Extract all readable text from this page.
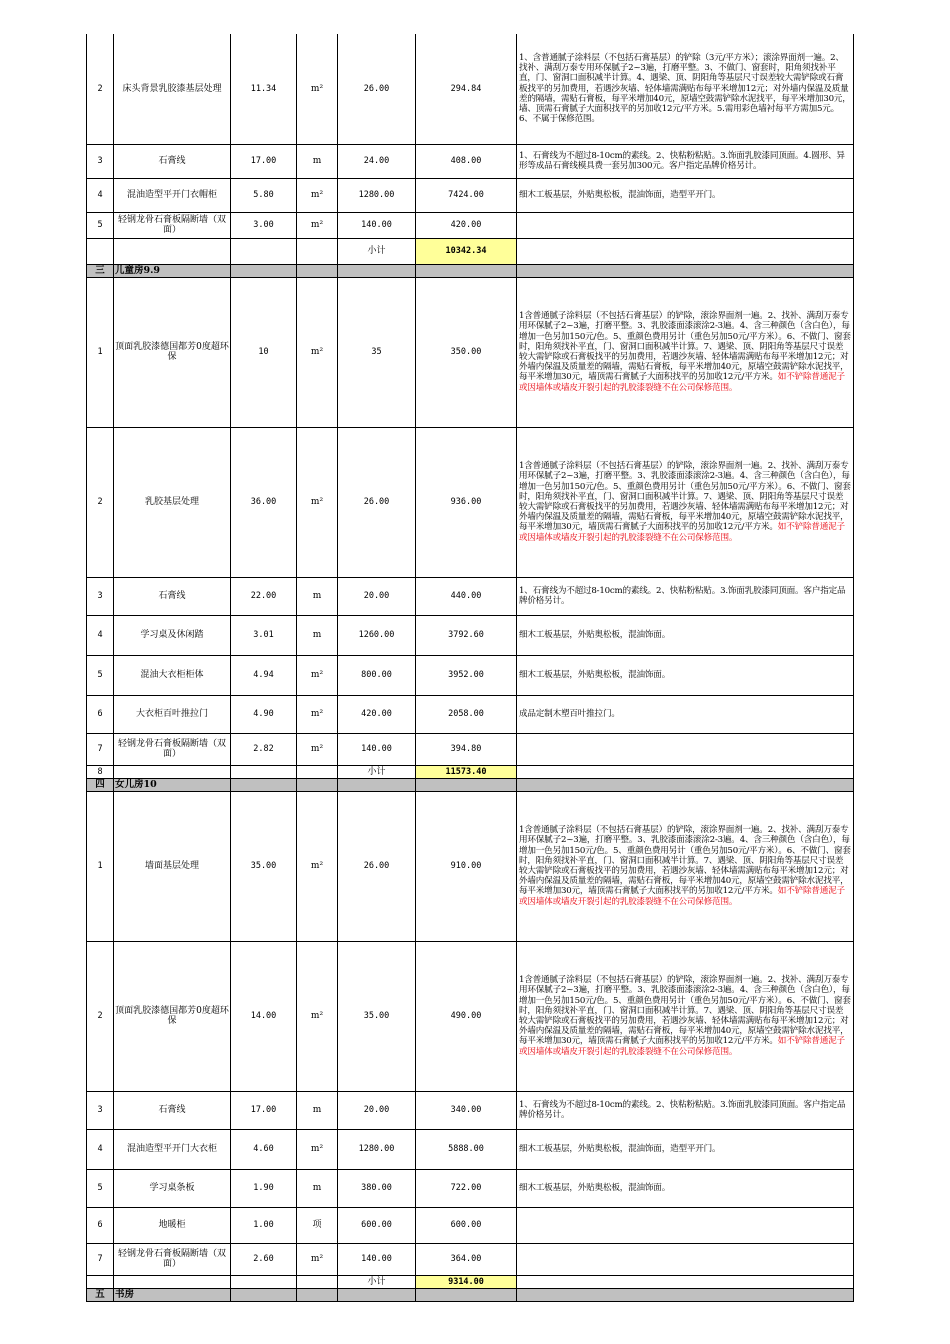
2	床头背景乳胶漆基层处理	11.34	m²	26.00	294.84	1、含普通腻子涂料层（不包括石膏基层）的铲除（3元/平方米）；滚涂界面剂一遍。2、找补、满刮万泰专用环保腻子2~3遍，打磨平整。3、不做门、窗套时，阳角须找补平直，门、窗洞口面积减半计算。4、遇梁、顶、阴阳角等基层尺寸误差较大需铲除或石膏板找平的另加费用，若遇沙灰墙、轻体墙需满贴布每平米增加12元；对外墙内保温及质量差的隔墙，需贴石膏板，每平米增加40元，原墙空鼓需铲除水泥找平，每平米增加30元，墙、顶需石膏腻子大面积找平的另加收12元/平方米。5.需用彩色墙衬每平方需加5元。6、不属于保修范围。
3	石膏线	17.00	m	24.00	408.00	1、石膏线为不超过8-10cm的素线。2、快粘粉粘贴。3.饰面乳胶漆同顶面。4.圆形、异形等成品石膏线模具费一套另加300元。客户指定品牌价格另计。
4	混油造型平开门衣帽柜	5.80	m²	1280.00	7424.00	细木工板基层，外贴奥松板，混油饰面，造型平开门。
5	轻钢龙骨石膏板隔断墙（双面）	3.00	m²	140.00	420.00	
				小计	10342.34	
三	儿童房9.9					
1	顶面乳胶漆德国都芳0度超环保	10	m²	35	350.00	1含普通腻子涂料层（不包括石膏基层）的铲除，滚涂界面剂一遍。2、找补、满刮万泰专用环保腻子2~3遍，打磨平整。3、乳胶漆面漆滚涂2-3遍。4、含三种颜色（含白色），每增加一色另加150元/色。5、重颜色费用另计（重色另加50元/平方米）。6、不做门、窗套时，阳角须找补平直，门、窗洞口面积减半计算。7、遇梁、顶、阴阳角等基层尺寸误差较大需铲除或石膏板找平的另加费用，若遇沙灰墙、轻体墙需满贴布每平米增加12元；对外墙内保温及质量差的隔墙，需贴石膏板，每平米增加40元，原墙空鼓需铲除水泥找平，每平米增加30元，墙顶需石膏腻子大面积找平的另加收12元/平方米。如不铲除普通泥子或因墙体或墙皮开裂引起的乳胶漆裂缝不在公司保修范围。
2	乳胶基层处理	36.00	m²	26.00	936.00	1含普通腻子涂料层（不包括石膏基层）的铲除，滚涂界面剂一遍。2、找补、满刮万泰专用环保腻子2~3遍，打磨平整。3、乳胶漆面漆滚涂2-3遍。4、含三种颜色（含白色），每增加一色另加150元/色。5、重颜色费用另计（重色另加50元/平方米）。6、不做门、窗套时，阳角须找补平直，门、窗洞口面积减半计算。7、遇梁、顶、阴阳角等基层尺寸误差较大需铲除或石膏板找平的另加费用，若遇沙灰墙、轻体墙需满贴布每平米增加12元；对外墙内保温及质量差的隔墙，需贴石膏板，每平米增加40元，原墙空鼓需铲除水泥找平，每平米增加30元，墙顶需石膏腻子大面积找平的另加收12元/平方米。如不铲除普通泥子或因墙体或墙皮开裂引起的乳胶漆裂缝不在公司保修范围。
3	石膏线	22.00	m	20.00	440.00	1、石膏线为不超过8-10cm的素线。2、快粘粉粘贴。3.饰面乳胶漆同顶面。客户指定品牌价格另计。
4	学习桌及休闲踏	3.01	m	1260.00	3792.60	细木工板基层，外贴奥松板，混油饰面。
5	混油大衣柜柜体	4.94	m²	800.00	3952.00	细木工板基层，外贴奥松板，混油饰面。
6	大衣柜百叶推拉门	4.90	m²	420.00	2058.00	成品定制木塑百叶推拉门。
7	轻钢龙骨石膏板隔断墙（双面）	2.82	m²	140.00	394.80	
8				小计	11573.40	
四	女儿房10					
1	墙面基层处理	35.00	m²	26.00	910.00	1含普通腻子涂料层（不包括石膏基层）的铲除，滚涂界面剂一遍。2、找补、满刮万泰专用环保腻子2~3遍，打磨平整。3、乳胶漆面漆滚涂2-3遍。4、含三种颜色（含白色），每增加一色另加150元/色。5、重颜色费用另计（重色另加50元/平方米）。6、不做门、窗套时，阳角须找补平直，门、窗洞口面积减半计算。7、遇梁、顶、阴阳角等基层尺寸误差较大需铲除或石膏板找平的另加费用，若遇沙灰墙、轻体墙需满贴布每平米增加12元；对外墙内保温及质量差的隔墙，需贴石膏板，每平米增加40元，原墙空鼓需铲除水泥找平，每平米增加30元，墙顶需石膏腻子大面积找平的另加收12元/平方米。如不铲除普通泥子或因墙体或墙皮开裂引起的乳胶漆裂缝不在公司保修范围。
2	顶面乳胶漆德国都芳0度超环保	14.00	m²	35.00	490.00	1含普通腻子涂料层（不包括石膏基层）的铲除，滚涂界面剂一遍。2、找补、满刮万泰专用环保腻子2~3遍，打磨平整。3、乳胶漆面漆滚涂2-3遍。4、含三种颜色（含白色），每增加一色另加150元/色。5、重颜色费用另计（重色另加50元/平方米）。6、不做门、窗套时，阳角须找补平直，门、窗洞口面积减半计算。7、遇梁、顶、阴阳角等基层尺寸误差较大需铲除或石膏板找平的另加费用，若遇沙灰墙、轻体墙需满贴布每平米增加12元；对外墙内保温及质量差的隔墙，需贴石膏板，每平米增加40元，原墙空鼓需铲除水泥找平，每平米增加30元，墙顶需石膏腻子大面积找平的另加收12元/平方米。如不铲除普通泥子或因墙体或墙皮开裂引起的乳胶漆裂缝不在公司保修范围。
3	石膏线	17.00	m	20.00	340.00	1、石膏线为不超过8-10cm的素线。2、快粘粉粘贴。3.饰面乳胶漆同顶面。客户指定品牌价格另计。
4	混油造型平开门大衣柜	4.60	m²	1280.00	5888.00	细木工板基层，外贴奥松板，混油饰面，造型平开门。
5	学习桌条板	1.90	m	380.00	722.00	细木工板基层，外贴奥松板，混油饰面。
6	地暖柜	1.00	项	600.00	600.00	
7	轻钢龙骨石膏板隔断墙（双面）	2.60	m²	140.00	364.00	
				小计	9314.00	
五	书房					
